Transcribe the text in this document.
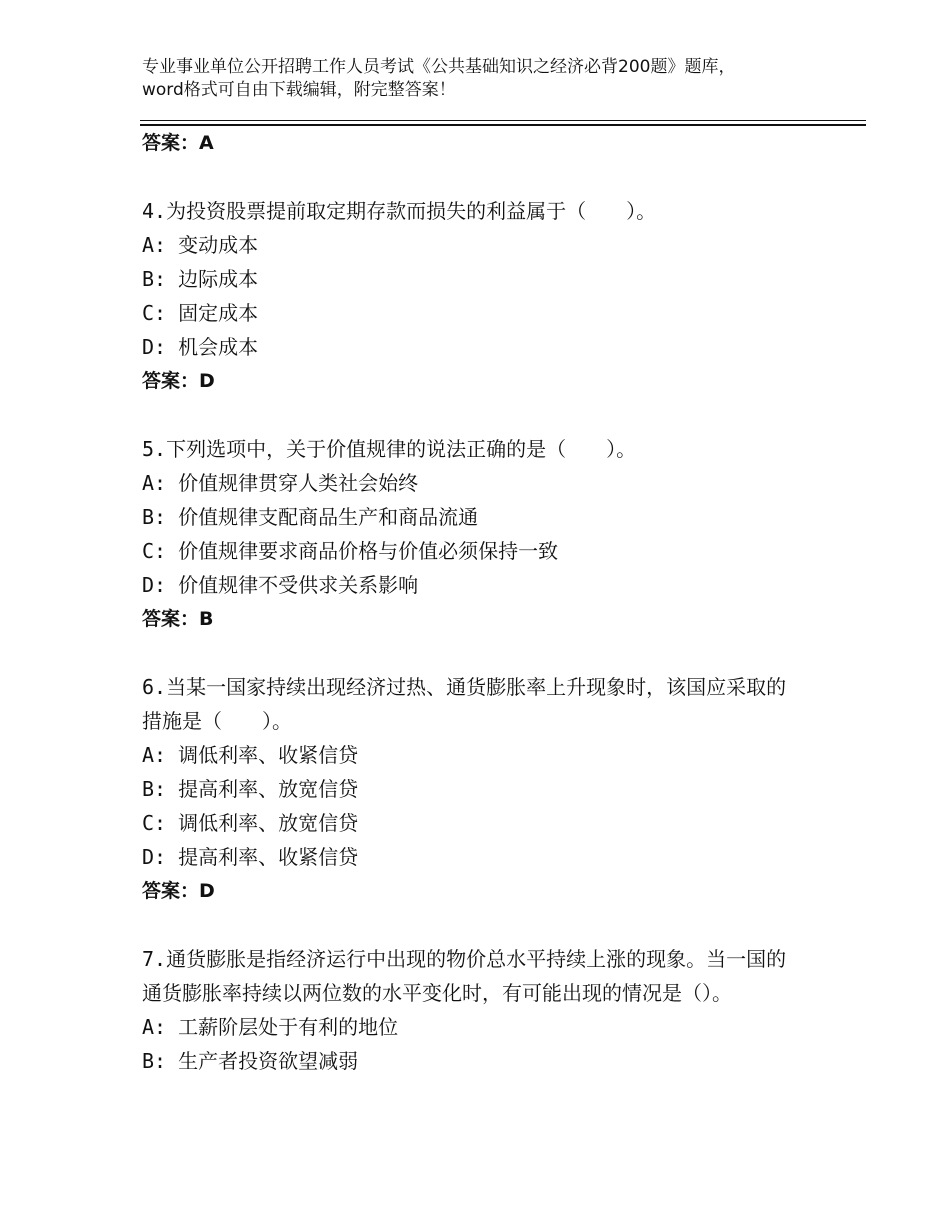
专业事业单位公开招聘工作人员考试《公共基础知识之经济必背200题》题库，word格式可自由下载编辑，附完整答案！
答案：A
4.为投资股票提前取定期存款而损失的利益属于（　　）。
A: 变动成本
B: 边际成本
C: 固定成本
D: 机会成本
答案：D
5.下列选项中，关于价值规律的说法正确的是（　　）。
A: 价值规律贯穿人类社会始终
B: 价值规律支配商品生产和商品流通
C: 价值规律要求商品价格与价值必须保持一致
D: 价值规律不受供求关系影响
答案：B
6.当某一国家持续出现经济过热、通货膨胀率上升现象时，该国应采取的措施是（　　）。
A: 调低利率、收紧信贷
B: 提高利率、放宽信贷
C: 调低利率、放宽信贷
D: 提高利率、收紧信贷
答案：D
7.通货膨胀是指经济运行中出现的物价总水平持续上涨的现象。当一国的通货膨胀率持续以两位数的水平变化时，有可能出现的情况是（）。
A: 工薪阶层处于有利的地位
B: 生产者投资欲望减弱
